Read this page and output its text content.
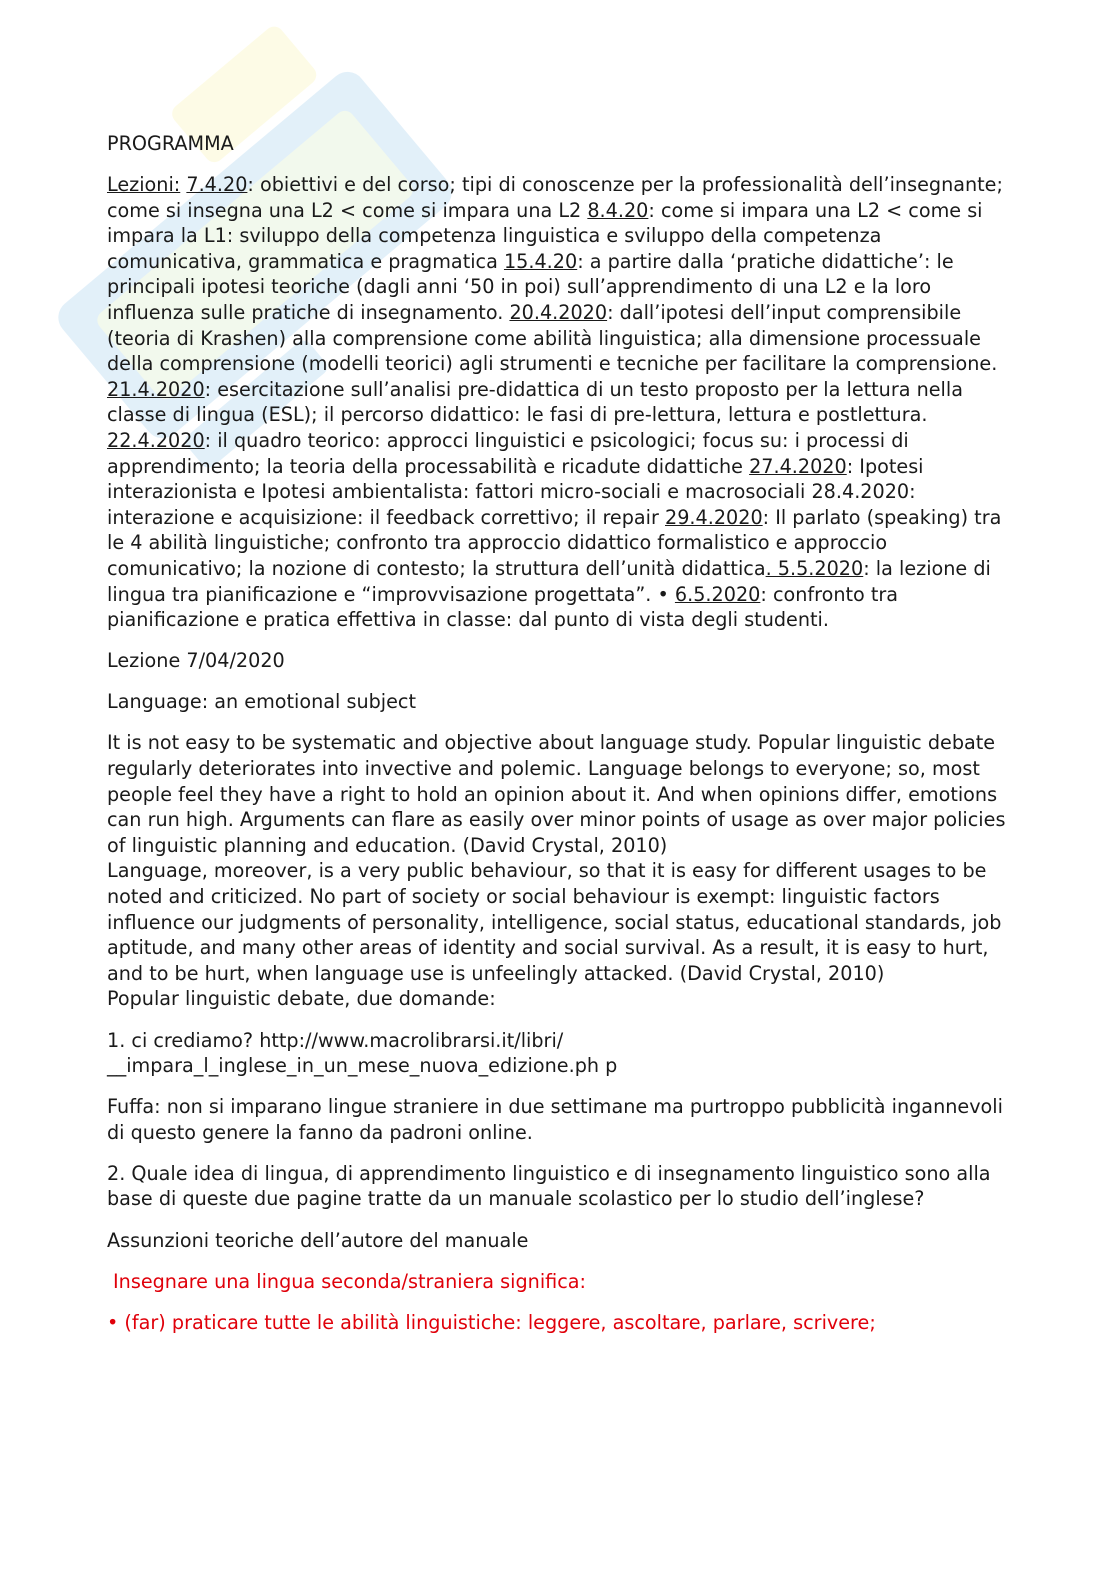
PROGRAMMA

Lezioni: 7.4.20: obiettivi e del corso; tipi di conoscenze per la professionalità dell’insegnante; come si insegna una L2 < come si impara una L2 8.4.20: come si impara una L2 < come si impara la L1: sviluppo della competenza linguistica e sviluppo della competenza comunicativa, grammatica e pragmatica 15.4.20: a partire dalla ‘pratiche didattiche’: le principali ipotesi teoriche (dagli anni ‘50 in poi) sull’apprendimento di una L2 e la loro influenza sulle pratiche di insegnamento. 20.4.2020: dall’ipotesi dell’input comprensibile (teoria di Krashen) alla comprensione come abilità linguistica; alla dimensione processuale della comprensione (modelli teorici) agli strumenti e tecniche per facilitare la comprensione. 21.4.2020: esercitazione sull’analisi pre-didattica di un testo proposto per la lettura nella classe di lingua (ESL); il percorso didattico: le fasi di pre-lettura, lettura e postlettura. 22.4.2020: il quadro teorico: approcci linguistici e psicologici; focus su: i processi di apprendimento; la teoria della processabilità e ricadute didattiche 27.4.2020: Ipotesi interazionista e Ipotesi ambientalista: fattori micro-sociali e macrosociali 28.4.2020: interazione e acquisizione: il feedback correttivo; il repair 29.4.2020: Il parlato (speaking) tra le 4 abilità linguistiche; confronto tra approccio didattico formalistico e approccio comunicativo; la nozione di contesto; la struttura dell’unità didattica. 5.5.2020: la lezione di lingua tra pianificazione e “improvvisazione progettata”. • 6.5.2020: confronto tra pianificazione e pratica effettiva in classe: dal punto di vista degli studenti.

Lezione 7/04/2020

Language: an emotional subject

It is not easy to be systematic and objective about language study. Popular linguistic debate regularly deteriorates into invective and polemic. Language belongs to everyone; so, most people feel they have a right to hold an opinion about it. And when opinions differ, emotions can run high. Arguments can flare as easily over minor points of usage as over major policies of linguistic planning and education. (David Crystal, 2010)
Language, moreover, is a very public behaviour, so that it is easy for different usages to be noted and criticized. No part of society or social behaviour is exempt: linguistic factors influence our judgments of personality, intelligence, social status, educational standards, job aptitude, and many other areas of identity and social survival. As a result, it is easy to hurt, and to be hurt, when language use is unfeelingly attacked. (David Crystal, 2010)
Popular linguistic debate, due domande:

1. ci crediamo? http://www.macrolibrarsi.it/libri/
__impara_l_inglese_in_un_mese_nuova_edizione.ph p

Fuffa: non si imparano lingue straniere in due settimane ma purtroppo pubblicità ingannevoli di questo genere la fanno da padroni online.

2. Quale idea di lingua, di apprendimento linguistico e di insegnamento linguistico sono alla base di queste due pagine tratte da un manuale scolastico per lo studio dell’inglese?

Assunzioni teoriche dell’autore del manuale

Insegnare una lingua seconda/straniera significa:

• (far) praticare tutte le abilità linguistiche: leggere, ascoltare, parlare, scrivere;
